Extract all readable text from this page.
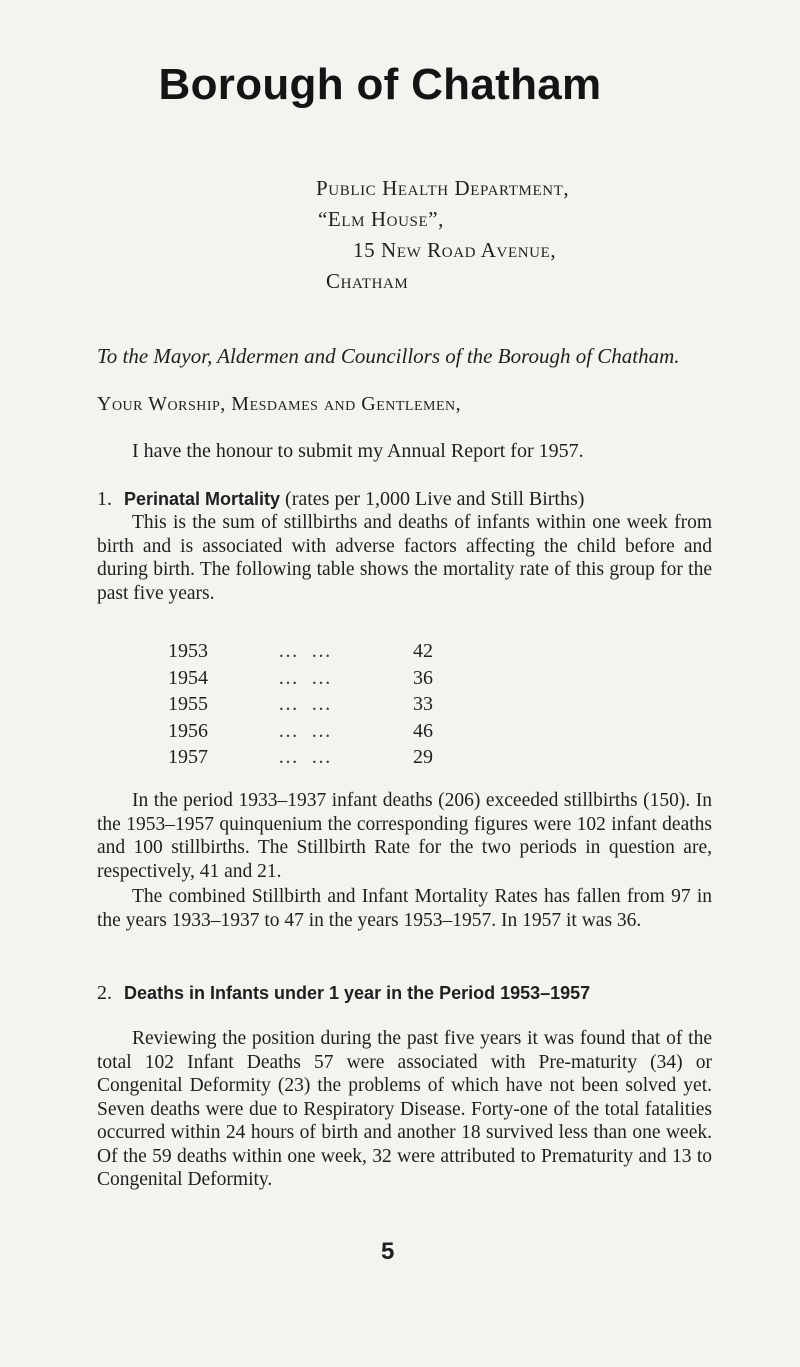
Borough of Chatham
Public Health Department,
“Elm House”,
15 New Road Avenue,
Chatham
To the Mayor, Aldermen and Councillors of the Borough of Chatham.
Your Worship, Mesdames and Gentlemen,
I have the honour to submit my Annual Report for 1957.
1. Perinatal Mortality (rates per 1,000 Live and Still Births)

This is the sum of stillbirths and deaths of infants within one week from birth and is associated with adverse factors affecting the child before and during birth. The following table shows the mortality rate of this group for the past five years.

1953	… …	42
1954	… …	36
1955	… …	33
1956	… …	46
1957	… …	29

In the period 1933–1937 infant deaths (206) exceeded stillbirths (150). In the 1953–1957 quinquenium the corresponding figures were 102 infant deaths and 100 stillbirths. The Stillbirth Rate for the two periods in question are, respectively, 41 and 21.

The combined Stillbirth and Infant Mortality Rates has fallen from 97 in the years 1933–1937 to 47 in the years 1953–1957. In 1957 it was 36.

2. Deaths in Infants under 1 year in the Period 1953–1957

Reviewing the position during the past five years it was found that of the total 102 Infant Deaths 57 were associated with Pre-maturity (34) or Congenital Deformity (23) the problems of which have not been solved yet. Seven deaths were due to Respiratory Disease. Forty-one of the total fatalities occurred within 24 hours of birth and another 18 survived less than one week. Of the 59 deaths within one week, 32 were attributed to Prematurity and 13 to Congenital Deformity.

5
